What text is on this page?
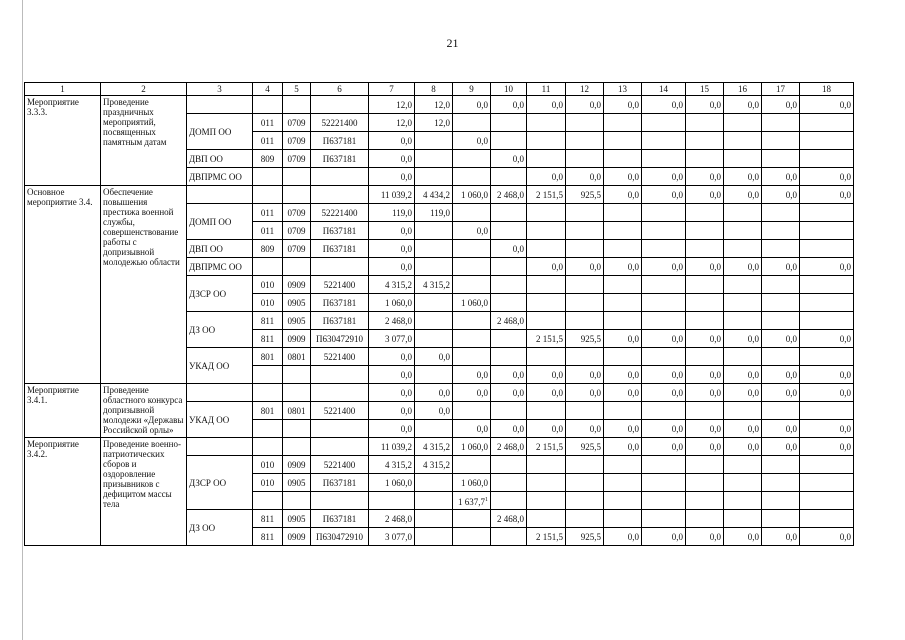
21
1	2	3	4	5	6	7	8	9	10	11	12	13	14	15	16	17	18
Мероприятие 3.3.3.	Проведение праздничных мероприятий, посвященных памятным датам					12,0	12,0	0,0	0,0	0,0	0,0	0,0	0,0	0,0	0,0	0,0	0,0
		ДОМП ОО	011	0709	52221400	12,0	12,0										
			011	0709	П637181	0,0		0,0									
		ДВП ОО	809	0709	П637181	0,0			0,0								
		ДВПРМС ОО				0,0				0,0	0,0	0,0	0,0	0,0	0,0	0,0	0,0
Основное мероприятие 3.4.	Обеспечение повышения престижа военной службы, совершенствование работы с допризывной молодежью области					11 039,2	4 434,2	1 060,0	2 468,0	2 151,5	925,5	0,0	0,0	0,0	0,0	0,0	0,0
		ДОМП ОО	011	0709	52221400	119,0	119,0										
			011	0709	П637181	0,0		0,0									
		ДВП ОО	809	0709	П637181	0,0			0,0								
		ДВПРМС ОО				0,0				0,0	0,0	0,0	0,0	0,0	0,0	0,0	0,0
		ДЗСР ОО	010	0909	5221400	4 315,2	4 315,2										
			010	0905	П637181	1 060,0		1 060,0									
		ДЗ ОО	811	0905	П637181	2 468,0			2 468,0								
			811	0909	П630472910	3 077,0				2 151,5	925,5	0,0	0,0	0,0	0,0	0,0	0,0
		УКАД ОО	801	0801	5221400	0,0	0,0										
						0,0		0,0	0,0	0,0	0,0	0,0	0,0	0,0	0,0	0,0	0,0
Мероприятие 3.4.1.	Проведение областного конкурса допризывной молодежи «Державы Российской орлы»					0,0	0,0	0,0	0,0	0,0	0,0	0,0	0,0	0,0	0,0	0,0	0,0
		УКАД ОО	801	0801	5221400	0,0	0,0										
						0,0		0,0	0,0	0,0	0,0	0,0	0,0	0,0	0,0	0,0	0,0
Мероприятие 3.4.2.	Проведение военно-патриотических сборов и оздоровление призывников с дефицитом массы тела					11 039,2	4 315,2	1 060,0	2 468,0	2 151,5	925,5	0,0	0,0	0,0	0,0	0,0	0,0
		ДЗСР ОО	010	0909	5221400	4 315,2	4 315,2										
			010	0905	П637181	1 060,0		1 060,0									
								1 637,7$^1$									
		ДЗ ОО	811	0905	П637181	2 468,0			2 468,0								
			811	0909	П630472910	3 077,0				2 151,5	925,5	0,0	0,0	0,0	0,0	0,0	0,0
